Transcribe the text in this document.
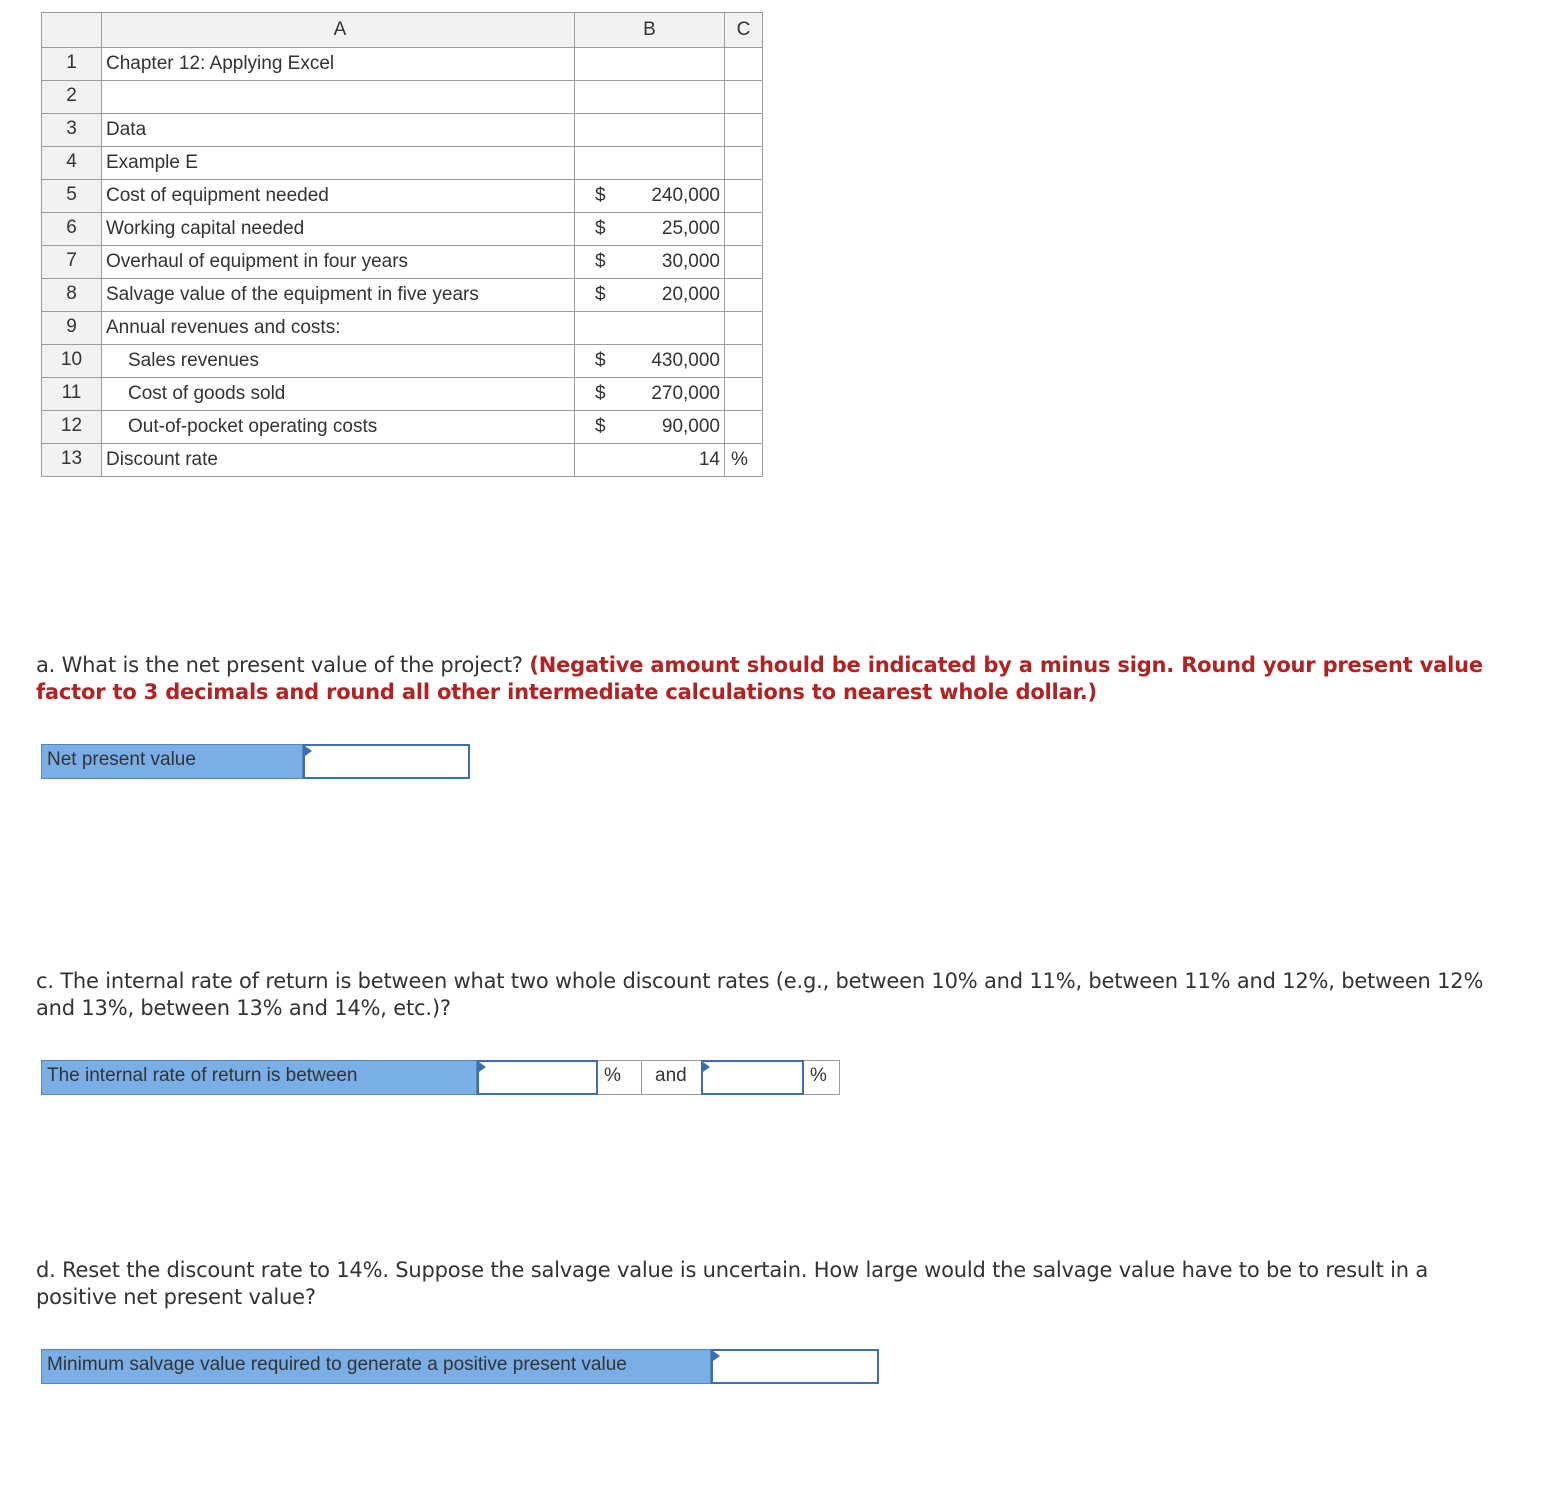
	A	B	C
1	Chapter 12: Applying Excel		
2			
3	Data		
4	Example E		
5	Cost of equipment needed	$ 240,000	

6	Working capital needed	$ 25,000	

7	Overhaul of equipment in four years	$ 30,000	

8	Salvage value of the equipment in five years	$ 20,000	

9	Annual revenues and costs:		
10	Sales revenues	$ 430,000	

11	Cost of goods sold	$ 270,000	

12	Out-of-pocket operating costs	$ 90,000	

13	Discount rate	14	%
a. What is the net present value of the project? (Negative amount should be indicated by a minus sign. Round your present value factor to 3 decimals and round all other intermediate calculations to nearest whole dollar.)
Net present value
c. The internal rate of return is between what two whole discount rates (e.g., between 10% and 11%, between 11% and 12%, between 12% and 13%, between 13% and 14%, etc.)?
The internal rate of return is between	%	and	%
d. Reset the discount rate to 14%. Suppose the salvage value is uncertain. How large would the salvage value have to be to result in a positive net present value?
Minimum salvage value required to generate a positive present value
